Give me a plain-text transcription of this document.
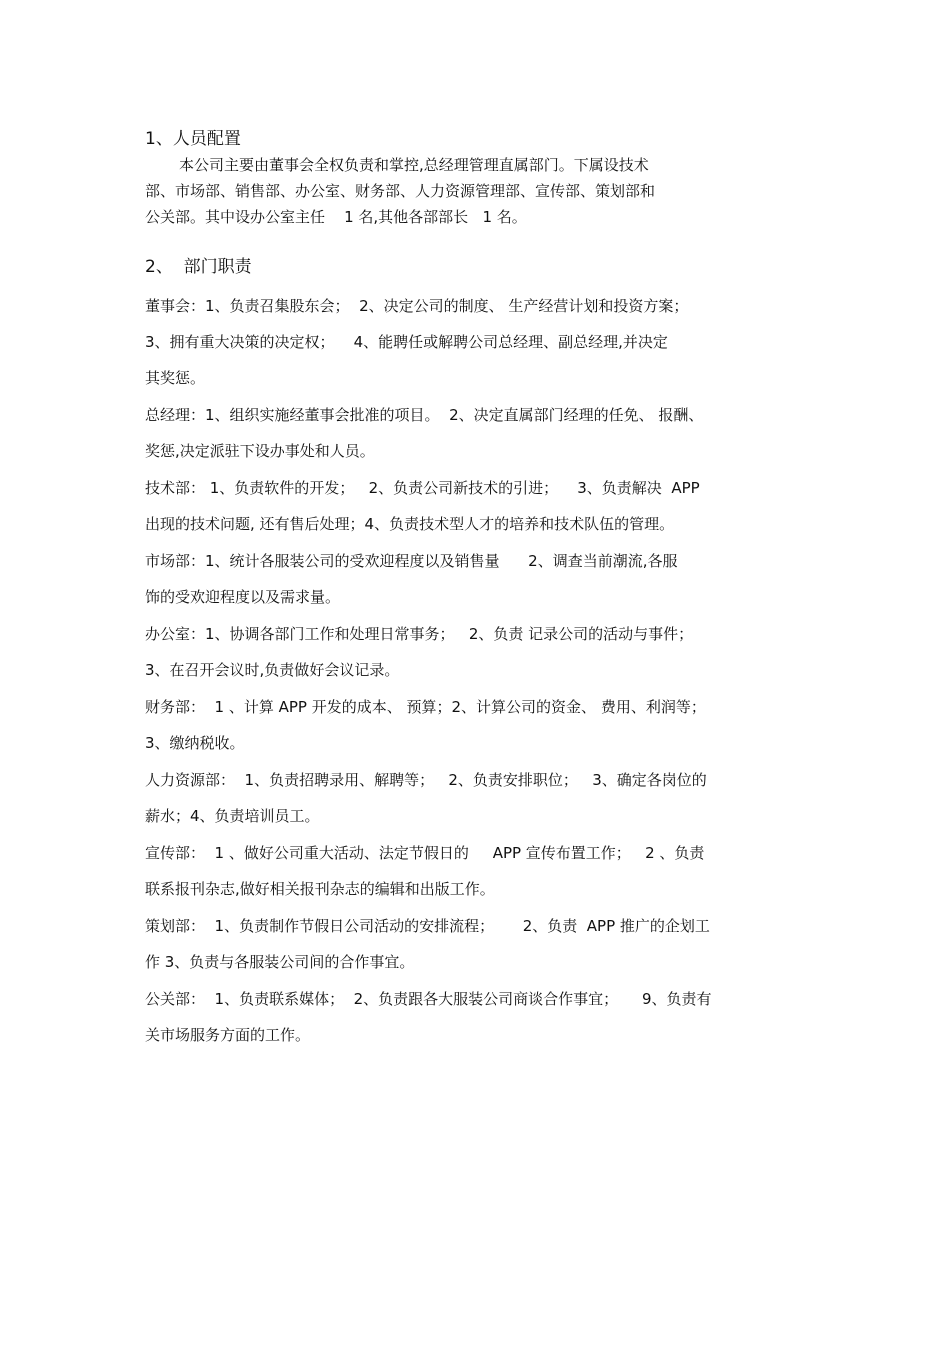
1、人员配置

本公司主要由董事会全权负责和掌控,总经理管理直属部门。下属设技术
部、市场部、销售部、办公室、财务部、人力资源管理部、宣传部、策划部和
公关部。其中设办公室主任    1 名,其他各部部长   1 名。

2、  部门职责

董事会：1、负责召集股东会；  2、决定公司的制度、 生产经营计划和投资方案；
3、拥有重大决策的决定权；    4、能聘任或解聘公司总经理、副总经理,并决定
其奖惩。

总经理：1、组织实施经董事会批准的项目。  2、决定直属部门经理的任免、 报酬、
奖惩,决定派驻下设办事处和人员。

技术部： 1、负责软件的开发；   2、负责公司新技术的引进；    3、负责解决  APP
出现的技术问题, 还有售后处理；4、负责技术型人才的培养和技术队伍的管理。

市场部：1、统计各服装公司的受欢迎程度以及销售量      2、调查当前潮流,各服
饰的受欢迎程度以及需求量。

办公室：1、协调各部门工作和处理日常事务；   2、负责 记录公司的活动与事件；
3、在召开会议时,负责做好会议记录。

财务部：  1 、计算 APP 开发的成本、 预算；2、计算公司的资金、 费用、利润等；
3、缴纳税收。

人力资源部：  1、负责招聘录用、解聘等；   2、负责安排职位；   3、确定各岗位的
薪水；4、负责培训员工。

宣传部：  1 、做好公司重大活动、法定节假日的     APP 宣传布置工作；   2 、负责
联系报刊杂志,做好相关报刊杂志的编辑和出版工作。

策划部：  1、负责制作节假日公司活动的安排流程；      2、负责  APP 推广的企划工
作 3、负责与各服装公司间的合作事宜。

公关部：  1、负责联系媒体；  2、负责跟各大服装公司商谈合作事宜；     9、负责有
关市场服务方面的工作。
